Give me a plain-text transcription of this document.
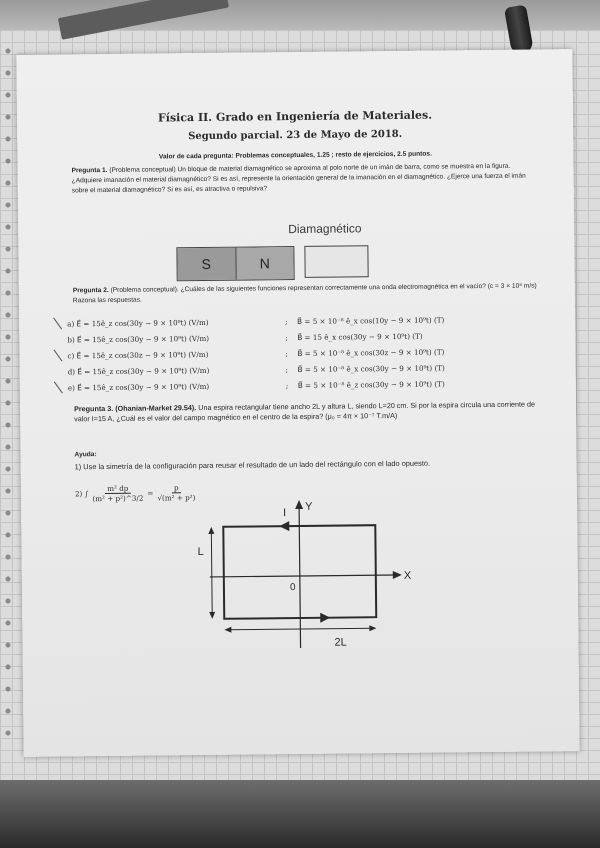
Física II. Grado en Ingeniería de Materiales.
Segundo parcial. 23 de Mayo de 2018.
Valor de cada pregunta: Problemas conceptuales, 1.25 ; resto de ejercicios, 2.5 puntos.
Pregunta 1. (Problema conceptual) Un bloque de material diamagnético se aproxima al polo norte de un imán de barra, como se muestra en la figura. ¿Adquiere imanación el material diamagnético? Si es así, represente la orientación general de la imanación en el diamagnético. ¿Ejerce una fuerza el imán sobre el material diamagnético? Si es así, es atractiva o repulsiva?
Diamagnético
S	N
Pregunta 2. (Problema conceptual). ¿Cuáles de las siguientes funciones representan correctamente una onda electromagnética en el vacío? (c = 3 × 10⁸ m/s) Razona las respuestas.
a) E⃗ = 15ê_z cos(30y − 9 × 10⁹t) (V/m)	; B⃗ = 5 × 10⁻⁸ ê_x cos(10y − 9 × 10⁹t) (T)
b) E⃗ = 15ê_z cos(30y − 9 × 10⁹t) (V/m)	; B⃗ = 15 ê_x cos(30y − 9 × 10⁹t) (T)
c) E⃗ = 15ê_z cos(30z − 9 × 10⁹t) (V/m)	; B⃗ = 5 × 10⁻⁸ ê_x cos(30z − 9 × 10⁹t) (T)
d) E⃗ = 15ê_z cos(30y − 9 × 10⁹t) (V/m)	; B⃗ = 5 × 10⁻⁸ ê_x cos(30y − 9 × 10⁹t) (T)
e) E⃗ = 15ê_z cos(30y − 9 × 10⁹t) (V/m)	; B⃗ = 5 × 10⁻⁸ ê_z cos(30y − 9 × 10⁹t) (T)
Pregunta 3. (Ohanian-Market 29.54). Una espira rectangular tiene ancho 2L y altura L, siendo L=20 cm. Si por la espira circula una corriente de valor I=15 A, ¿Cuál es el valor del campo magnético en el centro de la espira? (μ₀ = 4π × 10⁻⁷ T.m/A)
Ayuda:
1) Use la simetría de la configuración para reusar el resultado de un lado del rectángulo con el lado opuesto.
2) ∫ $\frac{\text{m² dp}}{\text{(m² + p²)\textasciicircum{}3/2}} = \frac{p}{\text{√(m² + p²)}}$
Y
X
0
I
L
2L
